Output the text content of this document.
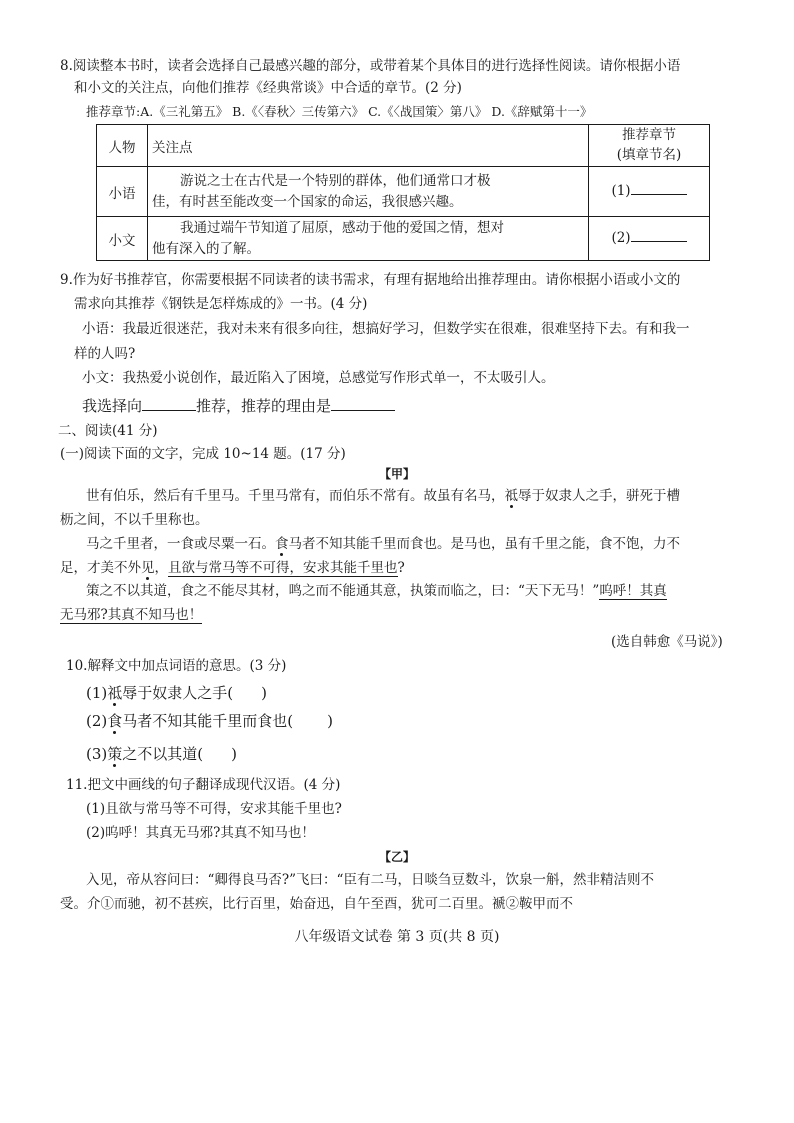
8.阅读整本书时，读者会选择自己最感兴趣的部分，或带着某个具体目的进行选择性阅读。请你根据小语
和小文的关注点，向他们推荐《经典常谈》中合适的章节。(2 分)
推荐章节:A.《三礼第五》 B.《〈春秋〉三传第六》 C.《〈战国策〉第八》 D.《辞赋第十一》
人物	关注点	推荐章节
(填章节名)

小语	游说之士在古代是一个特别的群体，他们通常口才极
佳，有时甚至能改变一个国家的命运，我很感兴趣。	(1)
小文	我通过端午节知道了屈原，感动于他的爱国之情，想对
他有深入的了解。	(2)
9.作为好书推荐官，你需要根据不同读者的读书需求，有理有据地给出推荐理由。请你根据小语或小文的
需求向其推荐《钢铁是怎样炼成的》一书。(4 分)
小语：我最近很迷茫，我对未来有很多向往，想搞好学习，但数学实在很难，很难坚持下去。有和我一
样的人吗?
小文：我热爱小说创作，最近陷入了困境，总感觉写作形式单一，不太吸引人。
我选择向	推荐，推荐的理由是
二、阅读(41 分)
(一)阅读下面的文字，完成 10~14 题。(17 分)
【甲】
世有伯乐，然后有千里马。千里马常有，而伯乐不常有。故虽有名马，祗辱于奴隶人之手，骈死于槽
枥之间，不以千里称也。
马之千里者，一食或尽粟一石。食马者不知其能千里而食也。是马也，虽有千里之能，食不饱，力不
足，才美不外见，且欲与常马等不可得，安求其能千里也?
策之不以其道，食之不能尽其材，鸣之而不能通其意，执策而临之，曰：“天下无马！”呜呼！其真
无马邪?其真不知马也！
(选自韩愈《马说》)
10.解释文中加点词语的意思。(3 分)
(1)祗辱于奴隶人之手( )
(2)食马者不知其能千里而食也( )
(3)策之不以其道( )
11.把文中画线的句子翻译成现代汉语。(4 分)
(1)且欲与常马等不可得，安求其能千里也?
(2)呜呼！其真无马邪?其真不知马也！
【乙】
入见，帝从容问曰：“卿得良马否?”飞曰：“臣有二马，日啖刍豆数斗，饮泉一斛，然非精洁则不
受。介①而驰，初不甚疾，比行百里，始奋迅，自午至酉，犹可二百里。褫②鞍甲而不
八年级语文试卷 第 3 页(共 8 页)
